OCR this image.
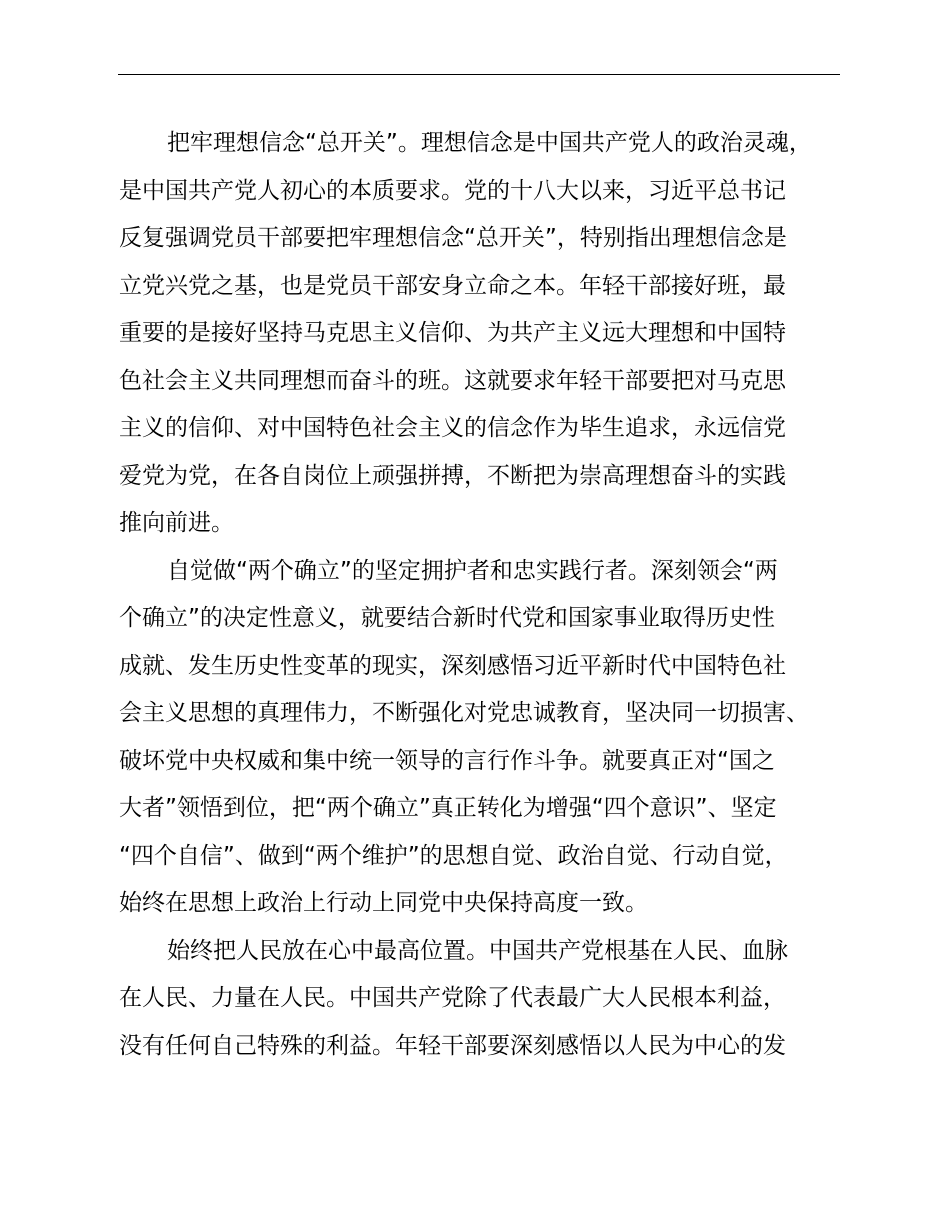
把牢理想信念“总开关”。理想信念是中国共产党人的政治灵魂，
是中国共产党人初心的本质要求。党的十八大以来，习近平总书记
反复强调党员干部要把牢理想信念“总开关”，特别指出理想信念是
立党兴党之基，也是党员干部安身立命之本。年轻干部接好班，最
重要的是接好坚持马克思主义信仰、为共产主义远大理想和中国特
色社会主义共同理想而奋斗的班。这就要求年轻干部要把对马克思
主义的信仰、对中国特色社会主义的信念作为毕生追求，永远信党
爱党为党，在各自岗位上顽强拼搏，不断把为崇高理想奋斗的实践
推向前进。
自觉做“两个确立”的坚定拥护者和忠实践行者。深刻领会“两
个确立”的决定性意义，就要结合新时代党和国家事业取得历史性
成就、发生历史性变革的现实，深刻感悟习近平新时代中国特色社
会主义思想的真理伟力，不断强化对党忠诚教育，坚决同一切损害、
破坏党中央权威和集中统一领导的言行作斗争。就要真正对“国之
大者”领悟到位，把“两个确立”真正转化为增强“四个意识”、坚定
“四个自信”、做到“两个维护”的思想自觉、政治自觉、行动自觉，
始终在思想上政治上行动上同党中央保持高度一致。
始终把人民放在心中最高位置。中国共产党根基在人民、血脉
在人民、力量在人民。中国共产党除了代表最广大人民根本利益，
没有任何自己特殊的利益。年轻干部要深刻感悟以人民为中心的发
